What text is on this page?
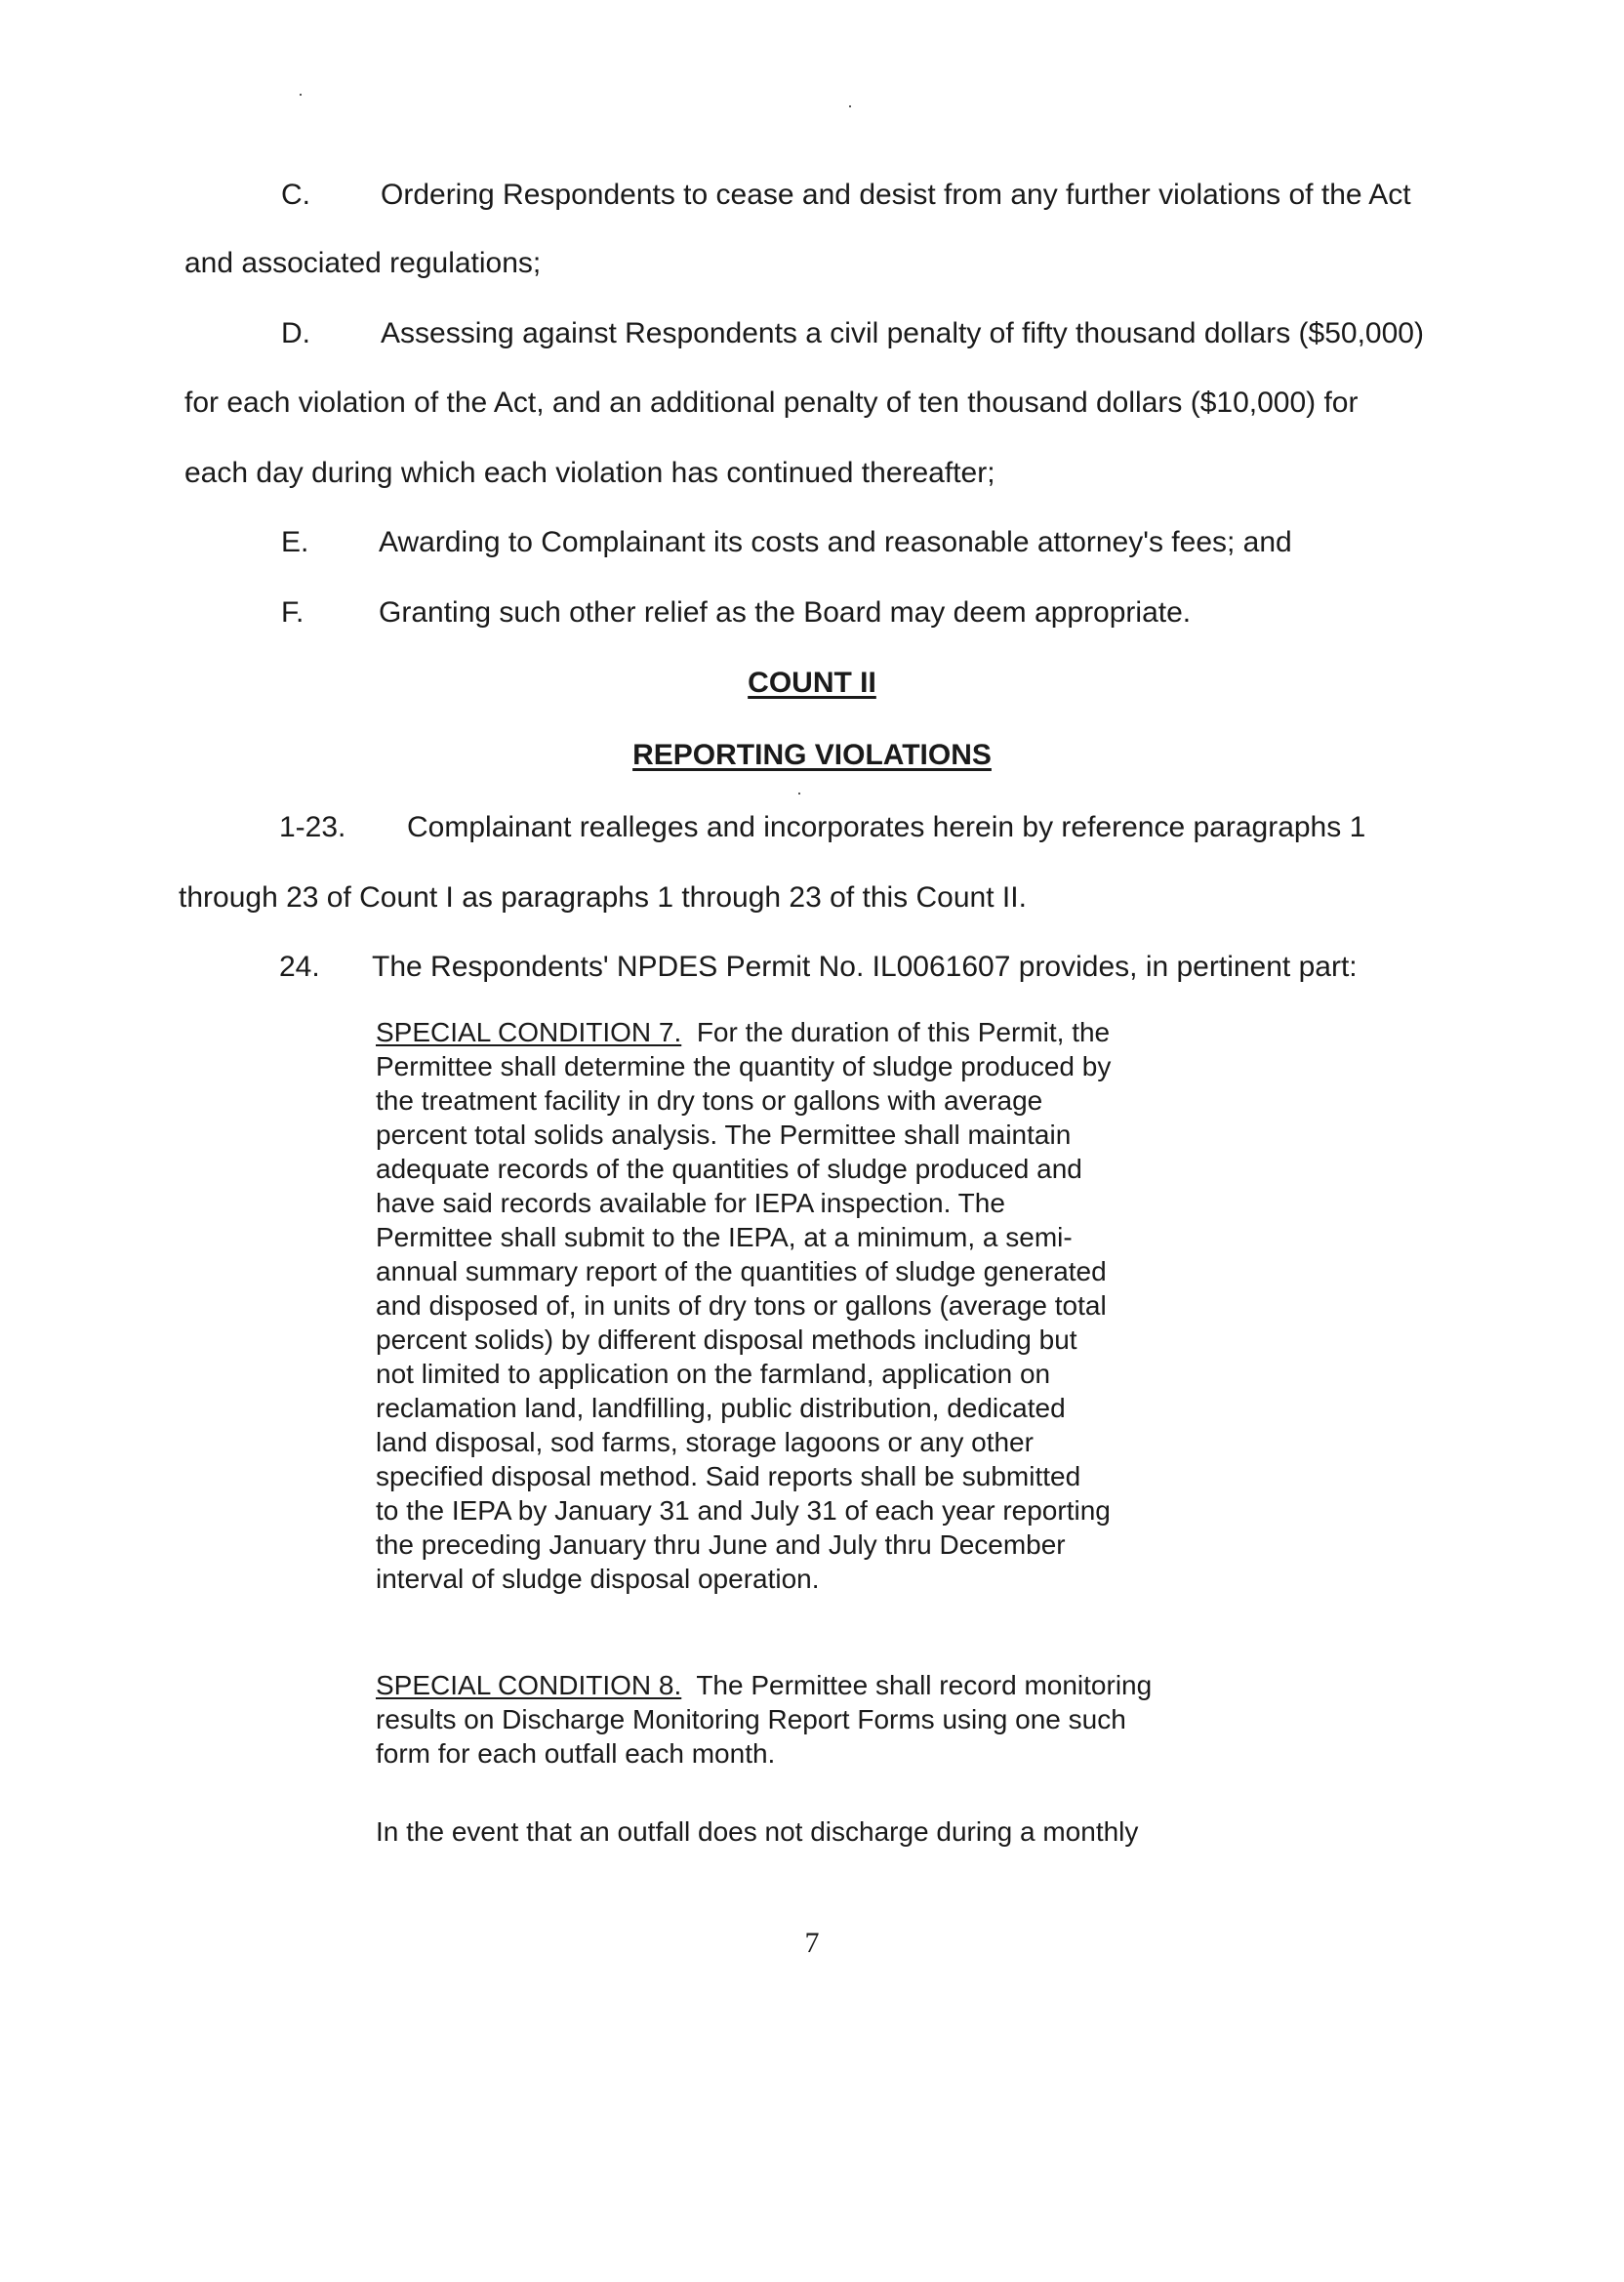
C. Ordering Respondents to cease and desist from any further violations of the Act
and associated regulations;
D. Assessing against Respondents a civil penalty of fifty thousand dollars ($50,000)
for each violation of the Act, and an additional penalty of ten thousand dollars ($10,000) for
each day during which each violation has continued thereafter;
E. Awarding to Complainant its costs and reasonable attorney's fees; and
F.	Granting such other relief as the Board may deem appropriate.
COUNT II
REPORTING VIOLATIONS
1-23. Complainant realleges and incorporates herein by reference paragraphs 1
through 23 of Count I as paragraphs 1 through 23 of this Count II.
24. The Respondents' NPDES Permit No. IL0061607 provides, in pertinent part:
SPECIAL CONDITION 7. For the duration of this Permit, the
Permittee shall determine the quantity of sludge produced by
the treatment facility in dry tons or gallons with average
percent total solids analysis. The Permittee shall maintain
adequate records of the quantities of sludge produced and
have said records available for IEPA inspection. The
Permittee shall submit to the IEPA, at a minimum, a semi-
annual summary report of the quantities of sludge generated
and disposed of, in units of dry tons or gallons (average total
percent solids) by different disposal methods including but
not limited to application on the farmland, application on
reclamation land, landfilling, public distribution, dedicated
land disposal, sod farms, storage lagoons or any other
specified disposal method. Said reports shall be submitted
to the IEPA by January 31 and July 31 of each year reporting
the preceding January thru June and July thru December
interval of sludge disposal operation.
SPECIAL CONDITION 8. The Permittee shall record monitoring
results on Discharge Monitoring Report Forms using one such
form for each outfall each month.
In the event that an outfall does not discharge during a monthly
7
